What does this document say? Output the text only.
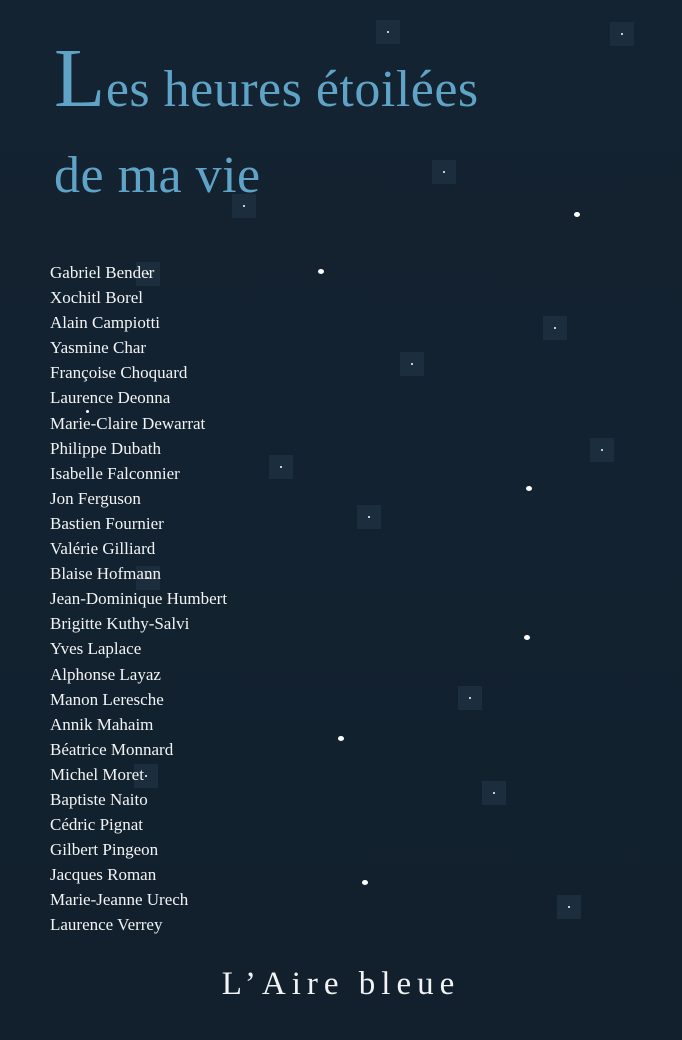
Les heures étoilées
de ma vie
Gabriel Bender
Xochitl Borel
Alain Campiotti
Yasmine Char
Françoise Choquard
Laurence Deonna
Marie-Claire Dewarrat
Philippe Dubath
Isabelle Falconnier
Jon Ferguson
Bastien Fournier
Valérie Gilliard
Blaise Hofmann
Jean-Dominique Humbert
Brigitte Kuthy-Salvi
Yves Laplace
Alphonse Layaz
Manon Leresche
Annik Mahaim
Béatrice Monnard
Michel Moret
Baptiste Naito
Cédric Pignat
Gilbert Pingeon
Jacques Roman
Marie-Jeanne Urech
Laurence Verrey
L’Aire bleue
